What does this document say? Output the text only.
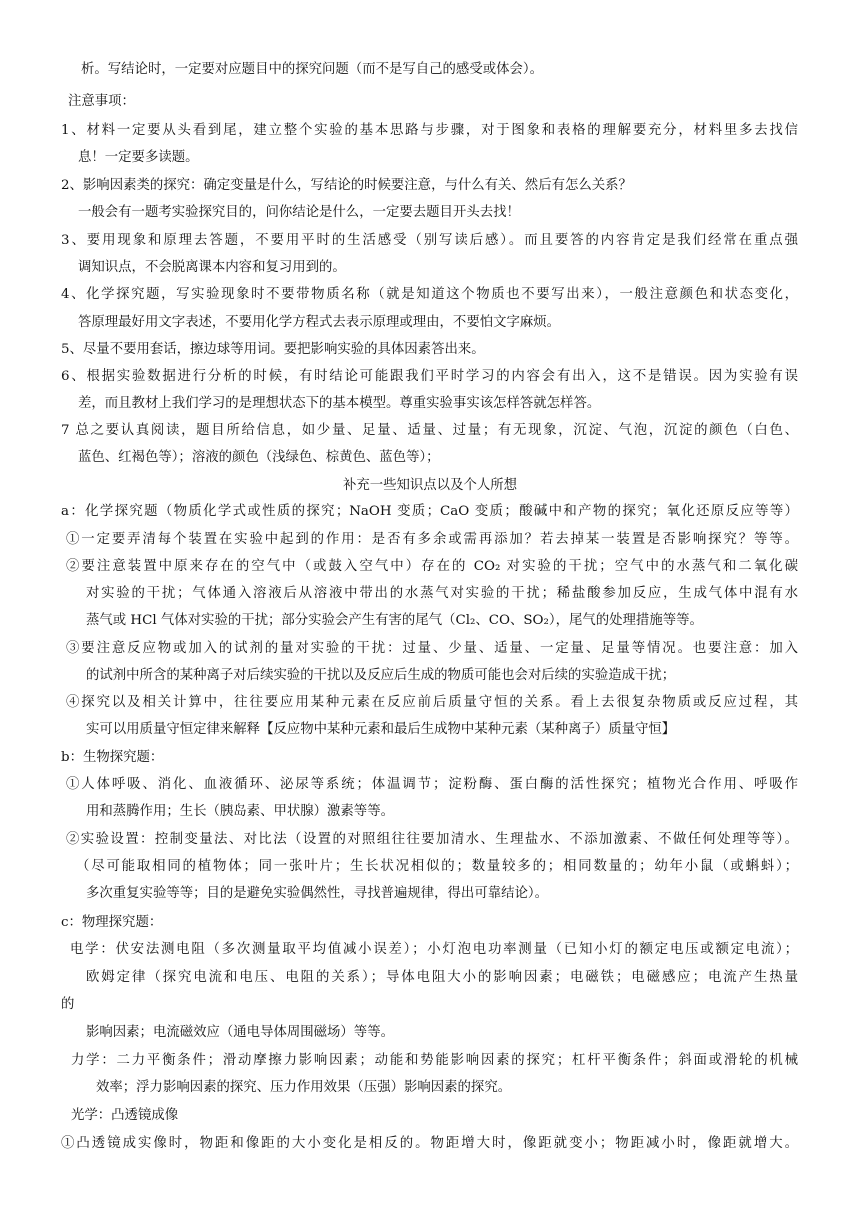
析。写结论时，一定要对应题目中的探究问题（而不是写自己的感受或体会）。
注意事项：
1、材料一定要从头看到尾，建立整个实验的基本思路与步骤，对于图象和表格的理解要充分，材料里多去找信
息！一定要多读题。
2、影响因素类的探究：确定变量是什么，写结论的时候要注意，与什么有关、然后有怎么关系？
一般会有一题考实验探究目的，问你结论是什么，一定要去题目开头去找！
3、要用现象和原理去答题，不要用平时的生活感受（别写读后感）。而且要答的内容肯定是我们经常在重点强
调知识点，不会脱离课本内容和复习用到的。
4、化学探究题，写实验现象时不要带物质名称（就是知道这个物质也不要写出来），一般注意颜色和状态变化，
答原理最好用文字表述，不要用化学方程式去表示原理或理由，不要怕文字麻烦。
5、尽量不要用套话，擦边球等用词。要把影响实验的具体因素答出来。
6、根据实验数据进行分析的时候，有时结论可能跟我们平时学习的内容会有出入，这不是错误。因为实验有误
差，而且教材上我们学习的是理想状态下的基本模型。尊重实验事实该怎样答就怎样答。
7 总之要认真阅读，题目所给信息，如少量、足量、适量、过量；有无现象，沉淀、气泡，沉淀的颜色（白色、
蓝色、红褐色等）；溶液的颜色（浅绿色、棕黄色、蓝色等）；
补充一些知识点以及个人所想
a：化学探究题（物质化学式或性质的探究；NaOH 变质；CaO 变质；酸碱中和产物的探究；氧化还原反应等等）
①一定要弄清每个装置在实验中起到的作用：是否有多余或需再添加？若去掉某一装置是否影响探究？等等。
②要注意装置中原来存在的空气中（或鼓入空气中）存在的 CO₂ 对实验的干扰；空气中的水蒸气和二氧化碳
对实验的干扰；气体通入溶液后从溶液中带出的水蒸气对实验的干扰；稀盐酸参加反应，生成气体中混有水
蒸气或 HCl 气体对实验的干扰；部分实验会产生有害的尾气（Cl₂、CO、SO₂），尾气的处理措施等等。
③要注意反应物或加入的试剂的量对实验的干扰：过量、少量、适量、一定量、足量等情况。也要注意：加入
的试剂中所含的某种离子对后续实验的干扰以及反应后生成的物质可能也会对后续的实验造成干扰；
④探究以及相关计算中，往往要应用某种元素在反应前后质量守恒的关系。看上去很复杂物质或反应过程，其
实可以用质量守恒定律来解释【反应物中某种元素和最后生成物中某种元素（某种离子）质量守恒】
b：生物探究题：
①人体呼吸、消化、血液循环、泌尿等系统；体温调节；淀粉酶、蛋白酶的活性探究；植物光合作用、呼吸作
用和蒸腾作用；生长（胰岛素、甲状腺）激素等等。
②实验设置：控制变量法、对比法（设置的对照组往往要加清水、生理盐水、不添加激素、不做任何处理等等）。
（尽可能取相同的植物体；同一张叶片；生长状况相似的；数量较多的；相同数量的；幼年小鼠（或蝌蚪）；
多次重复实验等等；目的是避免实验偶然性，寻找普遍规律，得出可靠结论）。
c：物理探究题：
电学：伏安法测电阻（多次测量取平均值减小误差）；小灯泡电功率测量（已知小灯的额定电压或额定电流）；
欧姆定律（探究电流和电压、电阻的关系）；导体电阻大小的影响因素；电磁铁；电磁感应；电流产生热量
的
影响因素；电流磁效应（通电导体周围磁场）等等。
力学：二力平衡条件；滑动摩擦力影响因素；动能和势能影响因素的探究；杠杆平衡条件；斜面或滑轮的机械
效率；浮力影响因素的探究、压力作用效果（压强）影响因素的探究。
光学：凸透镜成像
①凸透镜成实像时，物距和像距的大小变化是相反的。物距增大时，像距就变小；物距减小时，像距就增大。
